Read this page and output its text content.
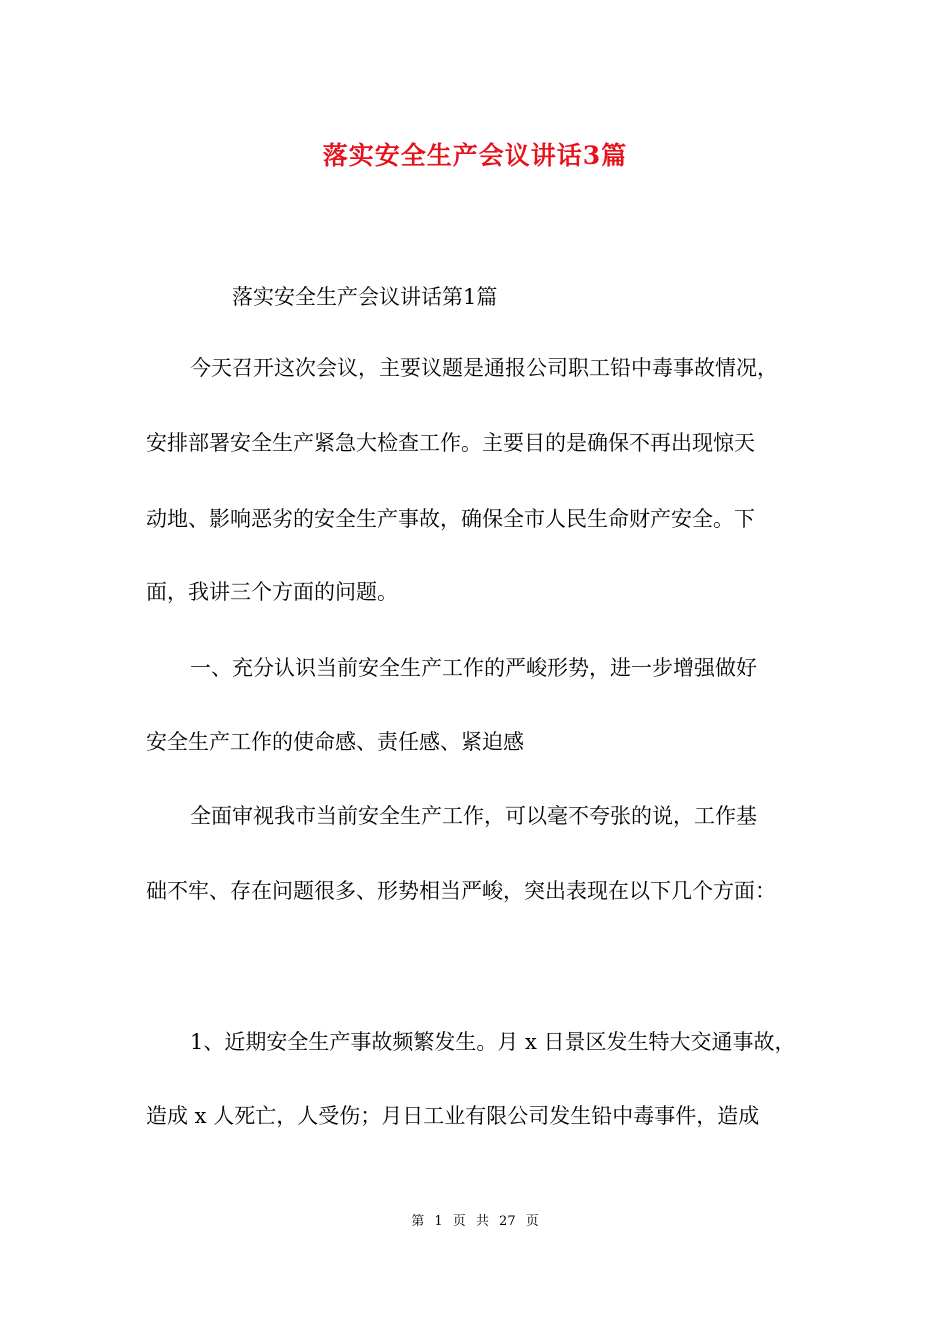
落实安全生产会议讲话3篇
落实安全生产会议讲话第1篇
今天召开这次会议，主要议题是通报公司职工铅中毒事故情况，
安排部署安全生产紧急大检查工作。主要目的是确保不再出现惊天
动地、影响恶劣的安全生产事故，确保全市人民生命财产安全。下
面，我讲三个方面的问题。
一、充分认识当前安全生产工作的严峻形势，进一步增强做好
安全生产工作的使命感、责任感、紧迫感
全面审视我市当前安全生产工作，可以毫不夸张的说，工作基
础不牢、存在问题很多、形势相当严峻，突出表现在以下几个方面：
1、近期安全生产事故频繁发生。月 x 日景区发生特大交通事故，
造成 x 人死亡，人受伤；月日工业有限公司发生铅中毒事件，造成
第 1 页 共 27 页
